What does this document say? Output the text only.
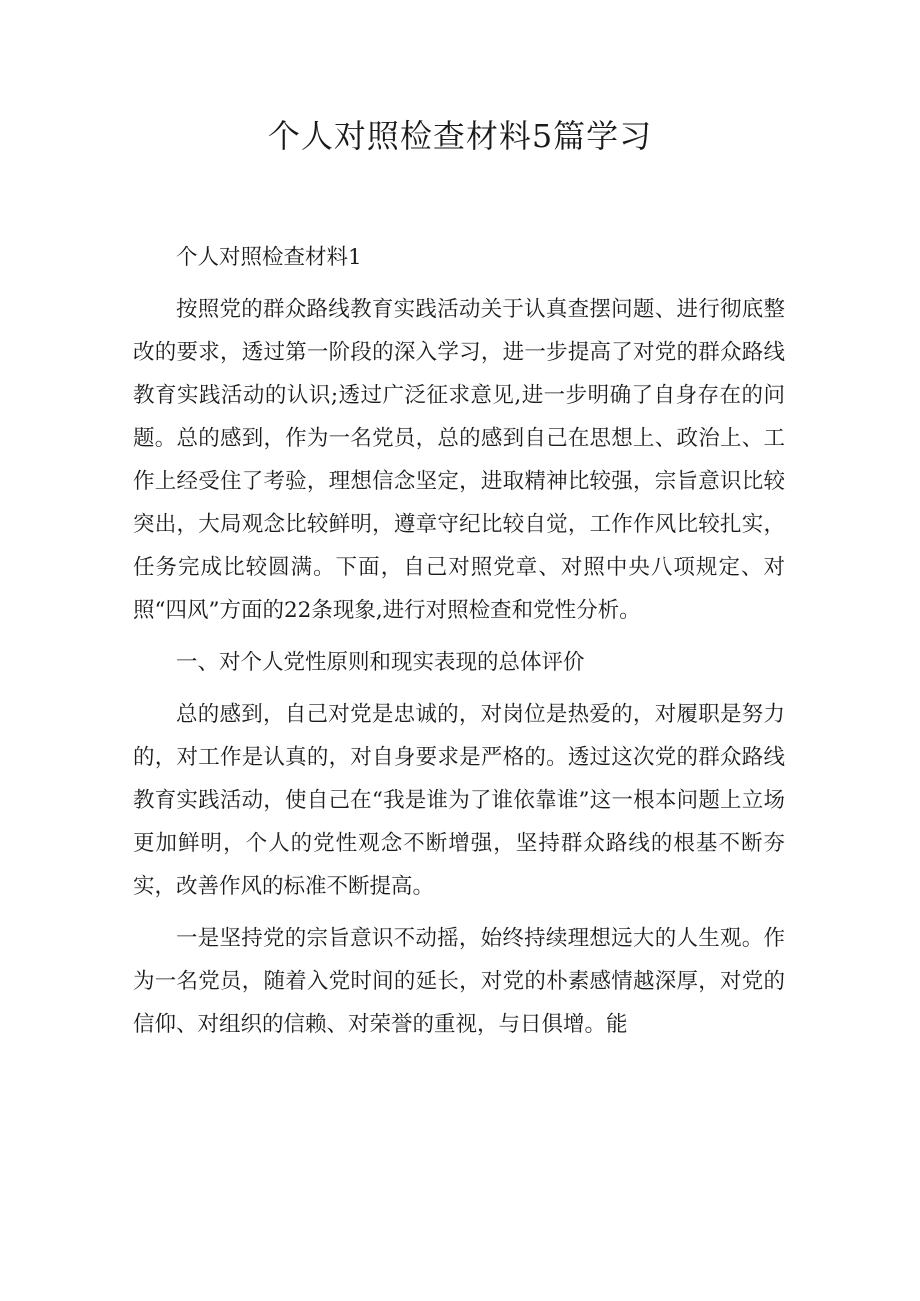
个人对照检查材料5篇学习

个人对照检查材料1

按照党的群众路线教育实践活动关于认真查摆问题、进行彻底整改的要求，透过第一阶段的深入学习，进一步提高了对党的群众路线教育实践活动的认识;透过广泛征求意见,进一步明确了自身存在的问题。总的感到，作为一名党员，总的感到自己在思想上、政治上、工作上经受住了考验，理想信念坚定，进取精神比较强，宗旨意识比较突出，大局观念比较鲜明，遵章守纪比较自觉，工作作风比较扎实，任务完成比较圆满。下面，自己对照党章、对照中央八项规定、对照“四风”方面的22条现象,进行对照检查和党性分析。

一、对个人党性原则和现实表现的总体评价

总的感到，自己对党是忠诚的，对岗位是热爱的，对履职是努力的，对工作是认真的，对自身要求是严格的。透过这次党的群众路线教育实践活动，使自己在“我是谁为了谁依靠谁”这一根本问题上立场更加鲜明，个人的党性观念不断增强，坚持群众路线的根基不断夯实，改善作风的标准不断提高。

一是坚持党的宗旨意识不动摇，始终持续理想远大的人生观。作为一名党员，随着入党时间的延长，对党的朴素感情越深厚，对党的信仰、对组织的信赖、对荣誉的重视，与日俱增。能
